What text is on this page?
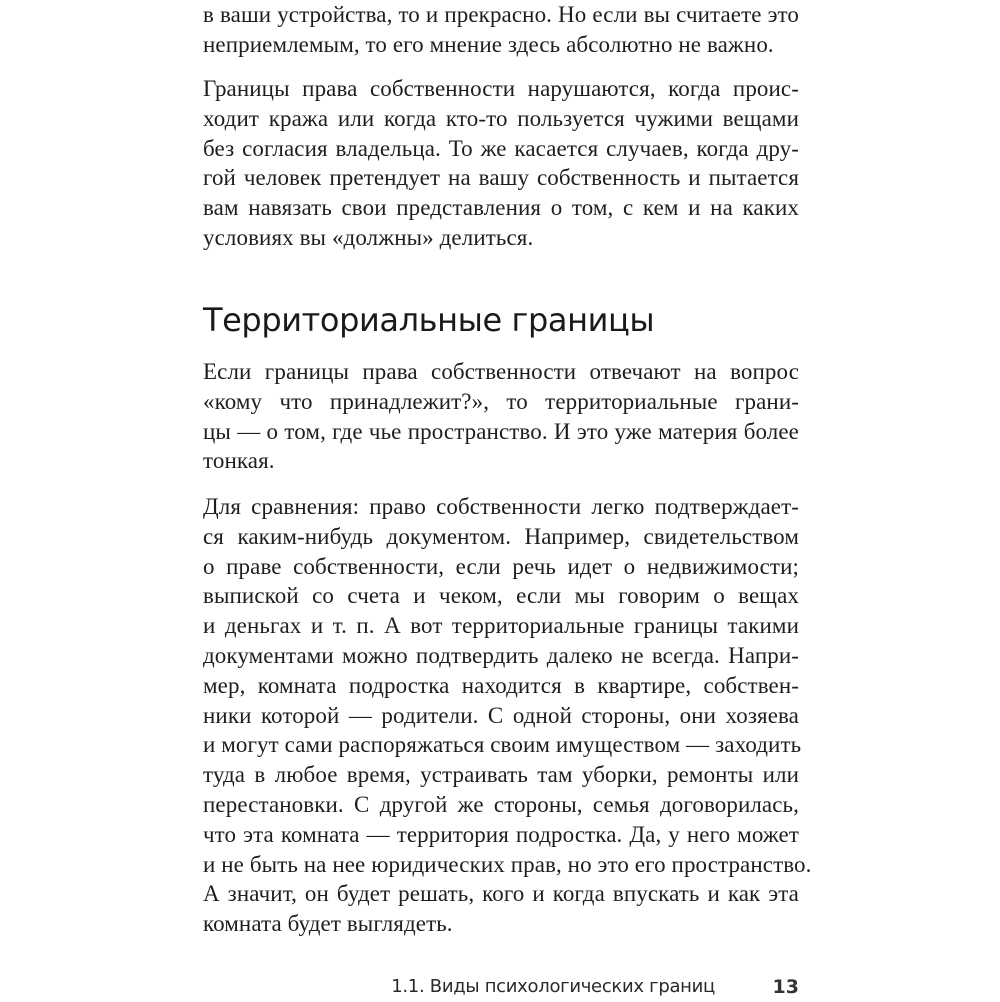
в ваши устройства, то и прекрасно. Но если вы считаете это
неприемлемым, то его мнение здесь абсолютно не важно.
Границы права собственности нарушаются, когда проис-
ходит кража или когда кто-то пользуется чужими вещами
без согласия владельца. То же касается случаев, когда дру-
гой человек претендует на вашу собственность и пытается
вам навязать свои представления о том, с кем и на каких
условиях вы «должны» делиться.
Территориальные границы
Если границы права собственности отвечают на вопрос
«кому что принадлежит?», то территориальные грани-
цы — о том, где чье пространство. И это уже материя более
тонкая.
Для сравнения: право собственности легко подтверждает-
ся каким-нибудь документом. Например, свидетельством
о праве собственности, если речь идет о недвижимости;
выпиской со счета и чеком, если мы говорим о вещах
и деньгах и т. п. А вот территориальные границы такими
документами можно подтвердить далеко не всегда. Напри-
мер, комната подростка находится в квартире, собствен-
ники которой — родители. С одной стороны, они хозяева
и могут сами распоряжаться своим имуществом — заходить
туда в любое время, устраивать там уборки, ремонты или
перестановки. С другой же стороны, семья договорилась,
что эта комната — территория подростка. Да, у него может
и не быть на нее юридических прав, но это его пространство.
А значит, он будет решать, кого и когда впускать и как эта
комната будет выглядеть.
1.1. Виды психологических границ	13
